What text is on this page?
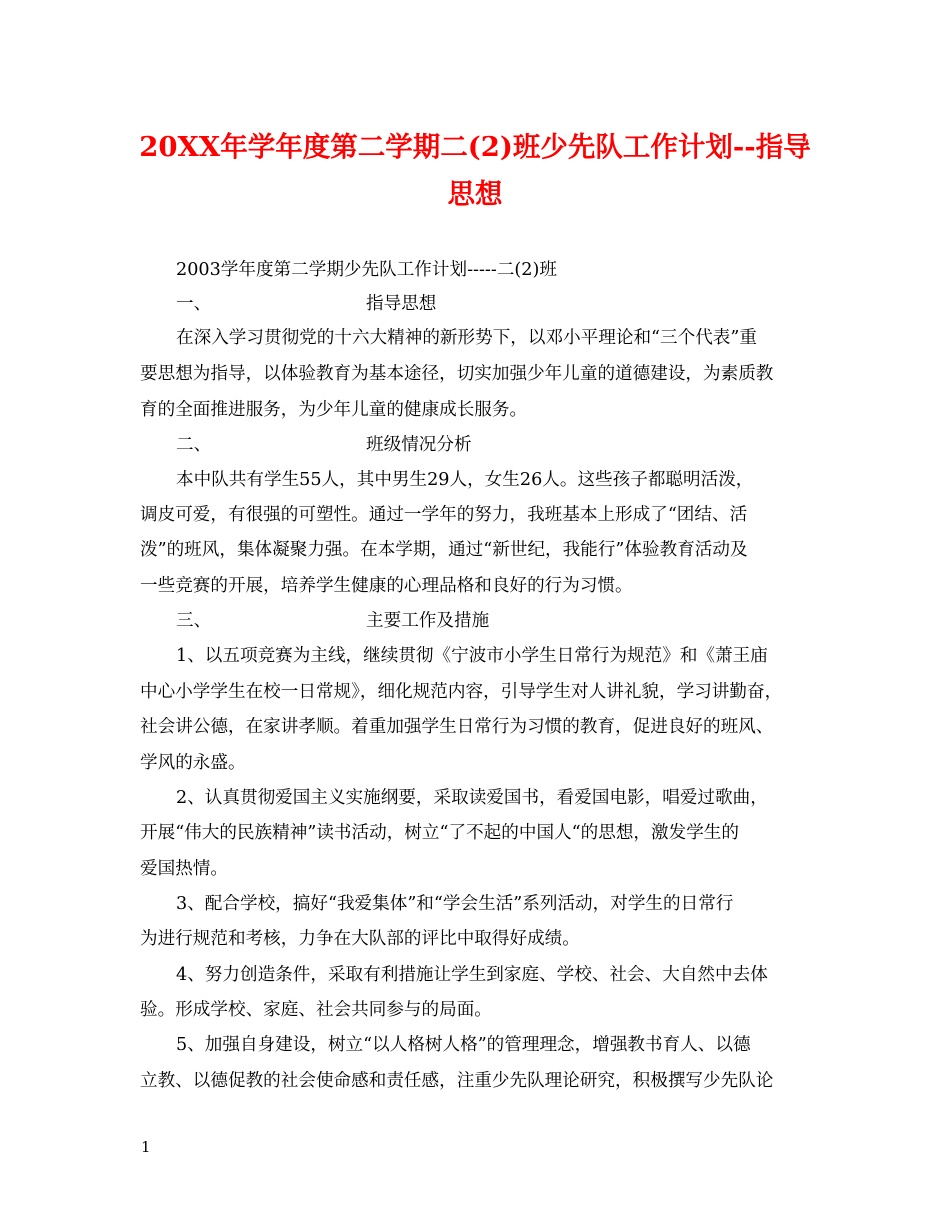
20XX年学年度第二学期二(2)班少先队工作计划--指导
思想
2003学年度第二学期少先队工作计划-----二(2)班
一、	指导思想
在深入学习贯彻党的十六大精神的新形势下，以邓小平理论和“三个代表”重
要思想为指导，以体验教育为基本途径，切实加强少年儿童的道德建设，为素质教
育的全面推进服务，为少年儿童的健康成长服务。
二、	班级情况分析
本中队共有学生55人，其中男生29人，女生26人。这些孩子都聪明活泼，
调皮可爱，有很强的可塑性。通过一学年的努力，我班基本上形成了“团结、活
泼”的班风，集体凝聚力强。在本学期，通过“新世纪，我能行”体验教育活动及
一些竞赛的开展，培养学生健康的心理品格和良好的行为习惯。
三、	主要工作及措施
1、以五项竞赛为主线，继续贯彻《宁波市小学生日常行为规范》和《萧王庙
中心小学学生在校一日常规》，细化规范内容，引导学生对人讲礼貌，学习讲勤奋，
社会讲公德，在家讲孝顺。着重加强学生日常行为习惯的教育，促进良好的班风、
学风的永盛。
2、认真贯彻爱国主义实施纲要，采取读爱国书，看爱国电影，唱爱过歌曲，
开展“伟大的民族精神”读书活动，树立“了不起的中国人“的思想，激发学生的
爱国热情。
3、配合学校，搞好“我爱集体”和“学会生活”系列活动，对学生的日常行
为进行规范和考核，力争在大队部的评比中取得好成绩。
4、努力创造条件，采取有利措施让学生到家庭、学校、社会、大自然中去体
验。形成学校、家庭、社会共同参与的局面。
5、加强自身建设，树立“以人格树人格”的管理理念，增强教书育人、以德
立教、以德促教的社会使命感和责任感，注重少先队理论研究，积极撰写少先队论
1
